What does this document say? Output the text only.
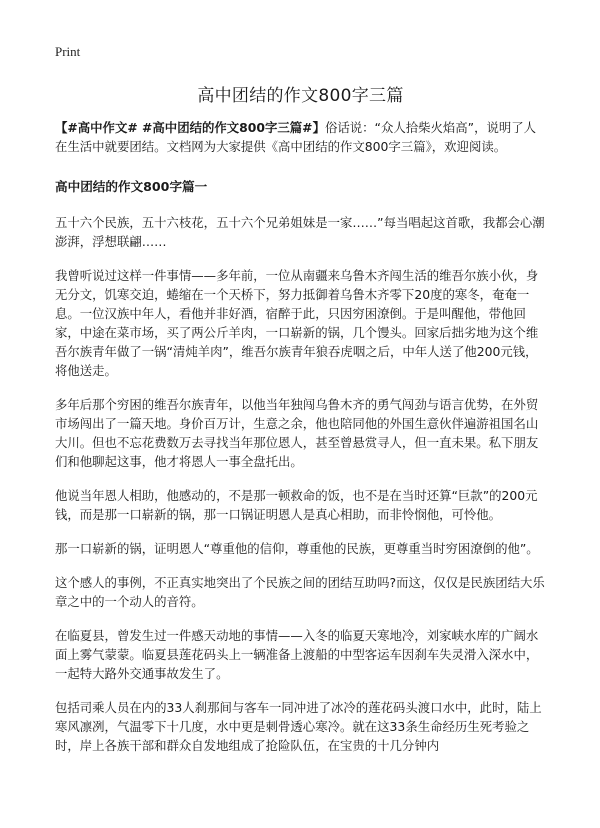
Print
高中团结的作文800字三篇

【#高中作文# #高中团结的作文800字三篇#】俗话说：“众人拾柴火焰高”，说明了人在生活中就要团结。文档网为大家提供《高中团结的作文800字三篇》，欢迎阅读。

高中团结的作文800字篇一

五十六个民族，五十六枝花，五十六个兄弟姐妹是一家……”每当唱起这首歌，我都会心潮澎湃，浮想联翩……

我曾听说过这样一件事情——多年前，一位从南疆来乌鲁木齐闯生活的维吾尔族小伙，身无分文，饥寒交迫，蜷缩在一个天桥下，努力抵御着乌鲁木齐零下20度的寒冬，奄奄一息。一位汉族中年人，看他并非好酒，宿醉于此，只因穷困潦倒。于是叫醒他，带他回家，中途在菜市场，买了两公斤羊肉，一口崭新的锅，几个馒头。回家后拙劣地为这个维吾尔族青年做了一锅“清炖羊肉”，维吾尔族青年狼吞虎咽之后，中年人送了他200元钱，将他送走。

多年后那个穷困的维吾尔族青年，以他当年独闯乌鲁木齐的勇气闯劲与语言优势，在外贸市场闯出了一篇天地。身价百万计，生意之余，他也陪同他的外国生意伙伴遍游祖国名山大川。但也不忘花费数万去寻找当年那位恩人，甚至曾悬赏寻人，但一直未果。私下朋友们和他聊起这事，他才将恩人一事全盘托出。

他说当年恩人相助，他感动的，不是那一顿救命的饭，也不是在当时还算“巨款”的200元钱，而是那一口崭新的锅，那一口锅证明恩人是真心相助，而非怜悯他，可怜他。

那一口崭新的锅，证明恩人“尊重他的信仰，尊重他的民族，更尊重当时穷困潦倒的他”。

这个感人的事例，不正真实地突出了个民族之间的团结互助吗?而这，仅仅是民族团结大乐章之中的一个动人的音符。

在临夏县，曾发生过一件感天动地的事情——入冬的临夏天寒地冷，刘家峡水库的广阔水面上雾气蒙蒙。临夏县莲花码头上一辆准备上渡船的中型客运车因刹车失灵滑入深水中，一起特大路外交通事故发生了。

包括司乘人员在内的33人刹那间与客车一同冲进了冰冷的莲花码头渡口水中，此时，陆上寒风凛冽，气温零下十几度，水中更是刺骨透心寒冷。就在这33条生命经历生死考验之时，岸上各族干部和群众自发地组成了抢险队伍，在宝贵的十几分钟内
